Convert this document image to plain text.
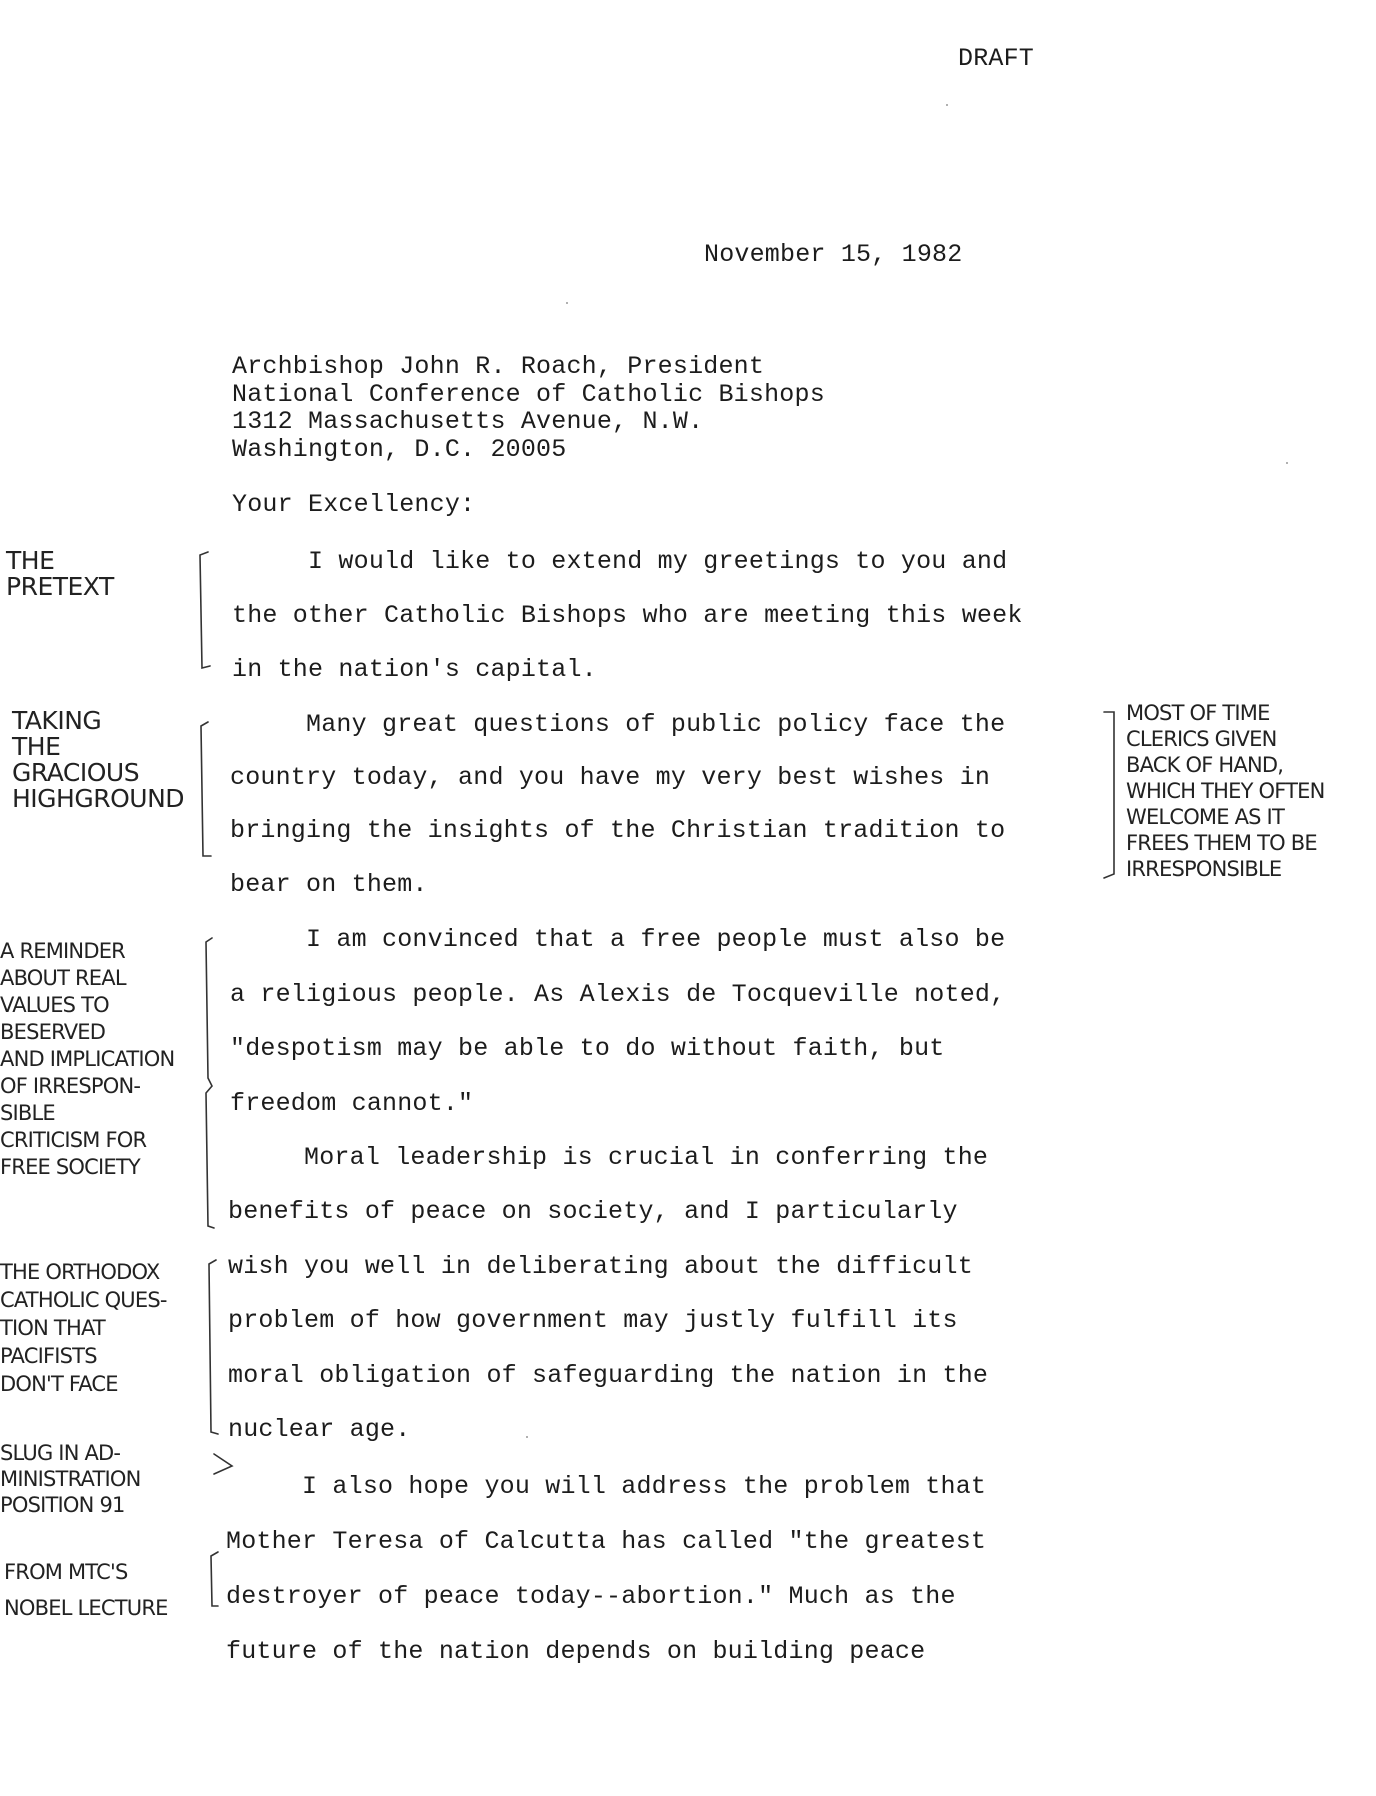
DRAFT
November 15, 1982
Archbishop John R. Roach, President
National Conference of Catholic Bishops
1312 Massachusetts Avenue, N.W.
Washington, D.C. 20005
Your Excellency:
I would like to extend my greetings to you and
the other Catholic Bishops who are meeting this week
in the nation's capital.
Many great questions of public policy face the
country today, and you have my very best wishes in
bringing the insights of the Christian tradition to
bear on them.
I am convinced that a free people must also be
a religious people. As Alexis de Tocqueville noted,
"despotism may be able to do without faith, but
freedom cannot."
Moral leadership is crucial in conferring the
benefits of peace on society, and I particularly
wish you well in deliberating about the difficult
problem of how government may justly fulfill its
moral obligation of safeguarding the nation in the
nuclear age.
I also hope you will address the problem that
Mother Teresa of Calcutta has called "the greatest
destroyer of peace today--abortion." Much as the
future of the nation depends on building peace
THE
PRETEXT
TAKING
THE
GRACIOUS
HIGHGROUND
A REMINDER
ABOUT REAL
VALUES TO
BESERVED
AND IMPLICATION
OF IRRESPON-
SIBLE
CRITICISM FOR
FREE SOCIETY
THE ORTHODOX
CATHOLIC QUES-
TION THAT
PACIFISTS
DON'T FACE
SLUG IN AD-
MINISTRATION
POSITION 91
FROM MTC'S
NOBEL LECTURE
MOST OF TIME
CLERICS GIVEN
BACK OF HAND,
WHICH THEY OFTEN
WELCOME AS IT
FREES THEM TO BE
IRRESPONSIBLE
